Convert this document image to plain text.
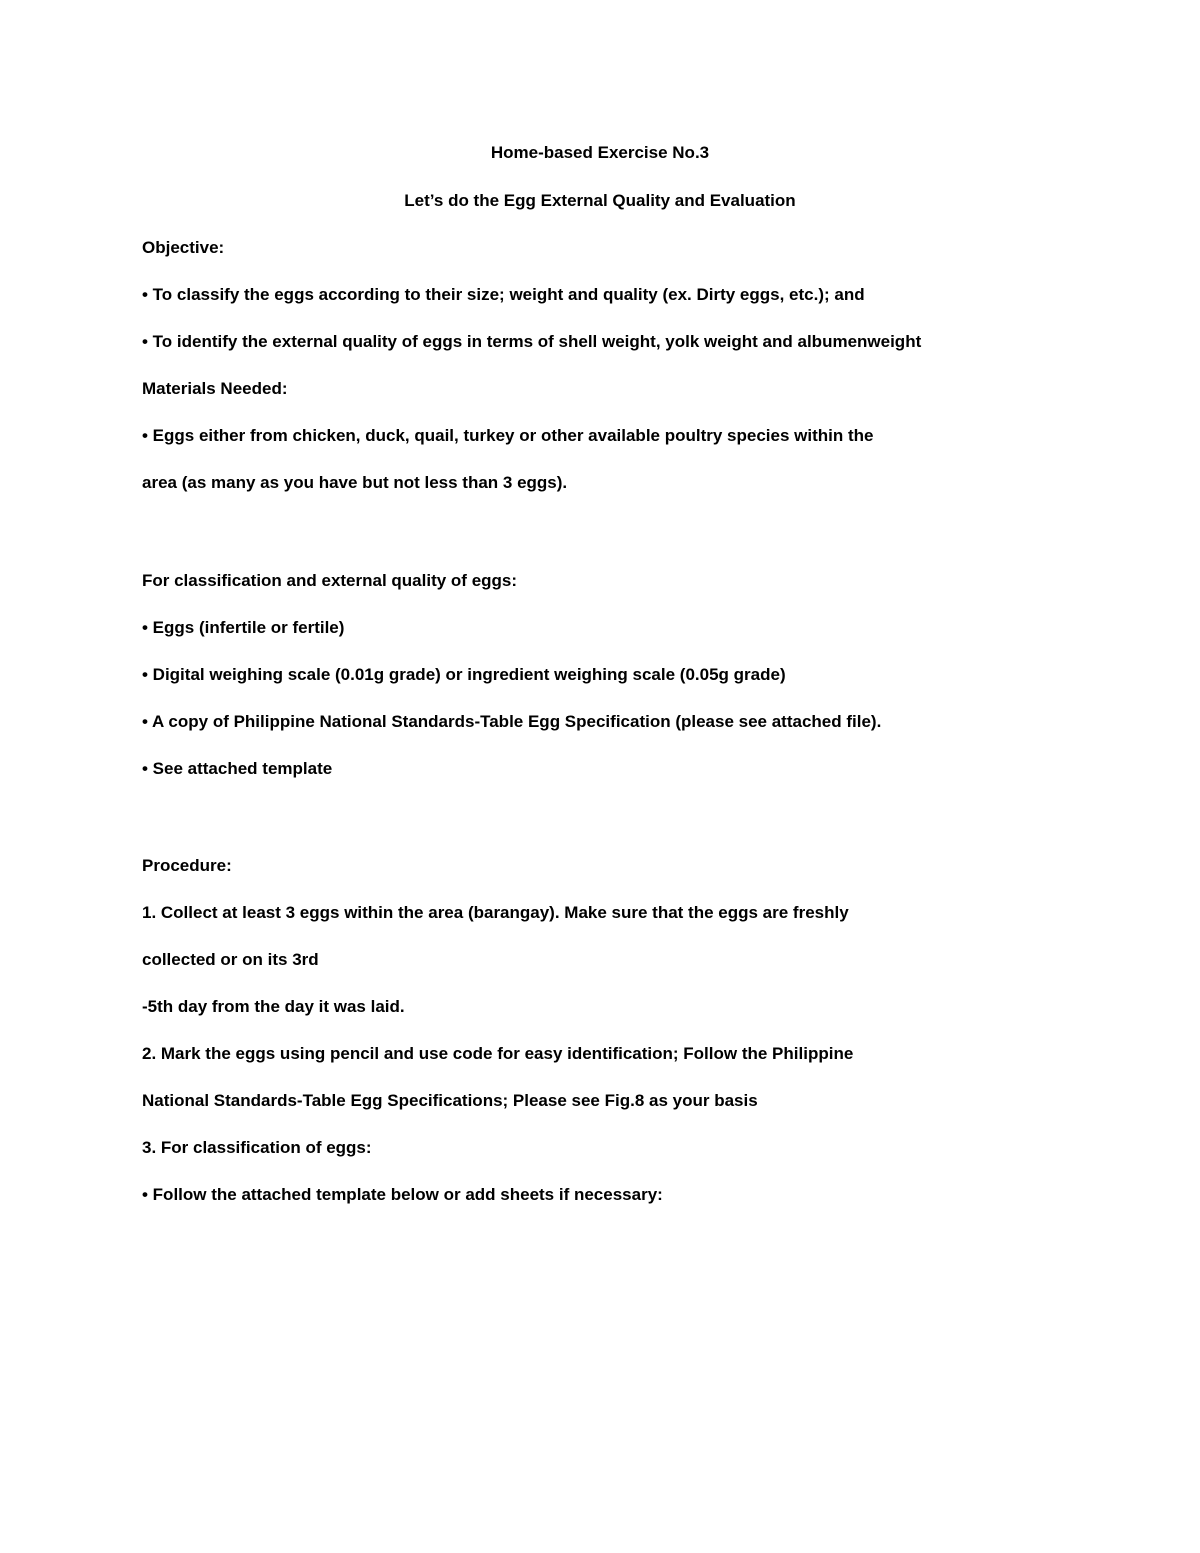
Home-based Exercise No.3
Let’s do the Egg External Quality and Evaluation
Objective:
• To classify the eggs according to their size; weight and quality (ex. Dirty eggs, etc.); and
• To identify the external quality of eggs in terms of shell weight, yolk weight and albumenweight
Materials Needed:
• Eggs either from chicken, duck, quail, turkey or other available poultry species within the
area (as many as you have but not less than 3 eggs).
For classification and external quality of eggs:
• Eggs (infertile or fertile)
• Digital weighing scale (0.01g grade) or ingredient weighing scale (0.05g grade)
• A copy of Philippine National Standards-Table Egg Specification (please see attached file).
• See attached template
Procedure:
1. Collect at least 3 eggs within the area (barangay). Make sure that the eggs are freshly
collected or on its 3rd
-5th day from the day it was laid.
2. Mark the eggs using pencil and use code for easy identification; Follow the Philippine
National Standards-Table Egg Specifications; Please see Fig.8 as your basis
3. For classification of eggs:
• Follow the attached template below or add sheets if necessary:
